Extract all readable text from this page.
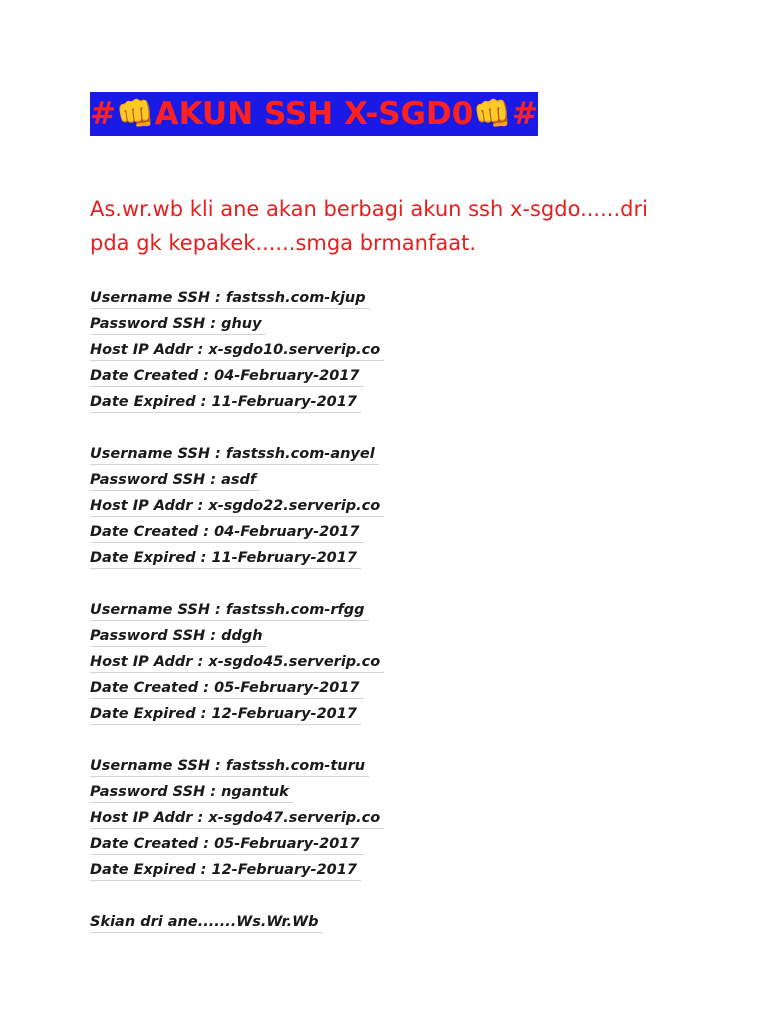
#👊AKUN SSH X-SGD0👊#
As.wr.wb kli ane akan berbagi akun ssh x-sgdo......dri pda gk kepakek......smga brmanfaat.
Username SSH : fastssh.com-kjup
Password SSH : ghuy
Host IP Addr : x-sgdo10.serverip.co
Date Created : 04-February-2017
Date Expired : 11-February-2017
Username SSH : fastssh.com-anyel
Password SSH : asdf
Host IP Addr : x-sgdo22.serverip.co
Date Created : 04-February-2017
Date Expired : 11-February-2017
Username SSH : fastssh.com-rfgg
Password SSH : ddgh
Host IP Addr : x-sgdo45.serverip.co
Date Created : 05-February-2017
Date Expired : 12-February-2017
Username SSH : fastssh.com-turu
Password SSH : ngantuk
Host IP Addr : x-sgdo47.serverip.co
Date Created : 05-February-2017
Date Expired : 12-February-2017
Skian dri ane.......Ws.Wr.Wb
